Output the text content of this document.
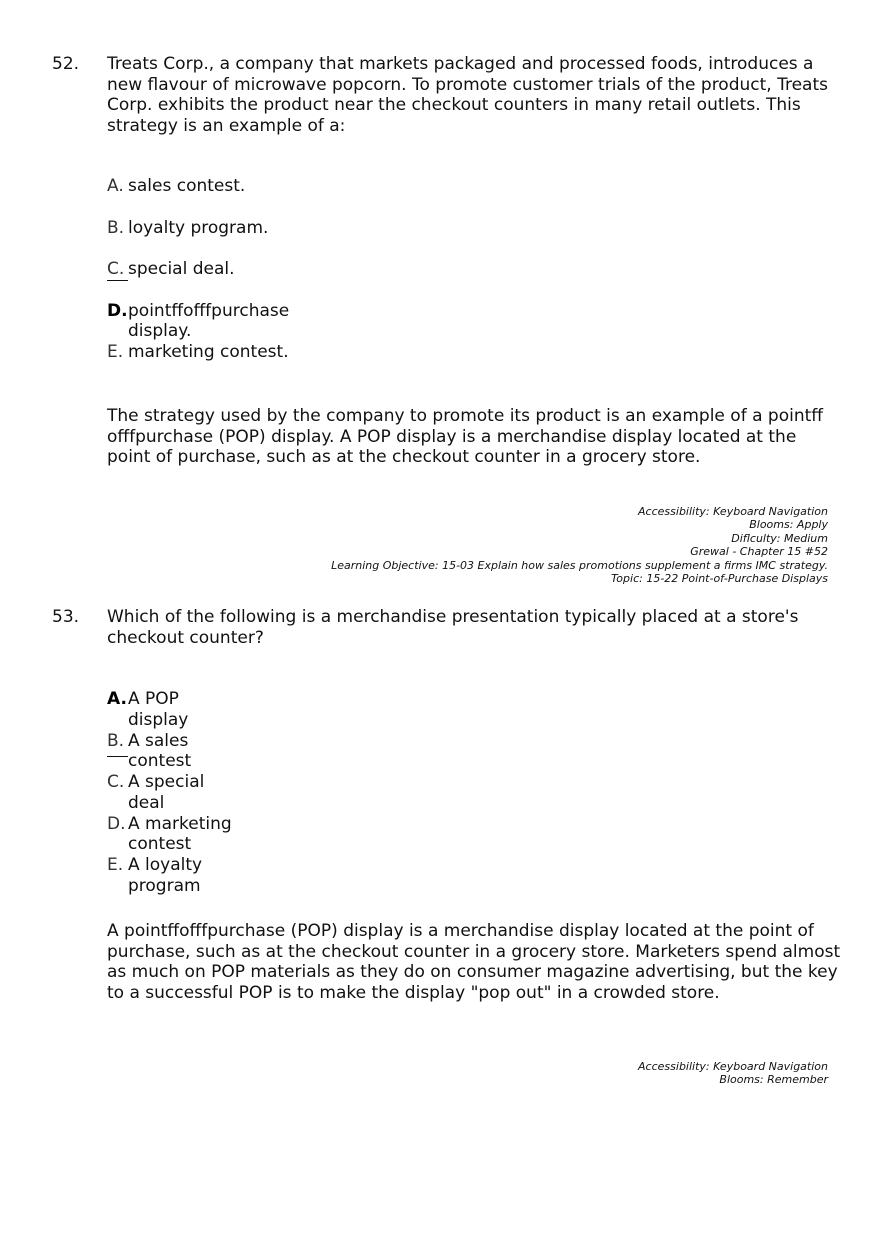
52. Treats Corp., a company that markets packaged and processed foods, introduces a new flavour of microwave popcorn. To promote customer trials of the product, Treats Corp. exhibits the product near the checkout counters in many retail outlets. This strategy is an example of a:
A. sales contest.
B. loyalty program.
C. special deal.
D. pointffofffpurchase display.
E. marketing contest.
The strategy used by the company to promote its product is an example of a pointff offfpurchase (POP) display. A POP display is a merchandise display located at the point of purchase, such as at the checkout counter in a grocery store.
Accessibility: Keyboard Navigation
Blooms: Apply
Diflculty: Medium
Grewal - Chapter 15 #52
Learning Objective: 15-03 Explain how sales promotions supplement a firms IMC strategy.
Topic: 15-22 Point-of-Purchase Displays
53. Which of the following is a merchandise presentation typically placed at a store's checkout counter?
A. A POP display
B. A sales contest
C. A special deal
D. A marketing contest
E. A loyalty program
A pointffofffpurchase (POP) display is a merchandise display located at the point of purchase, such as at the checkout counter in a grocery store. Marketers spend almost as much on POP materials as they do on consumer magazine advertising, but the key to a successful POP is to make the display "pop out" in a crowded store.
Accessibility: Keyboard Navigation
Blooms: Remember
